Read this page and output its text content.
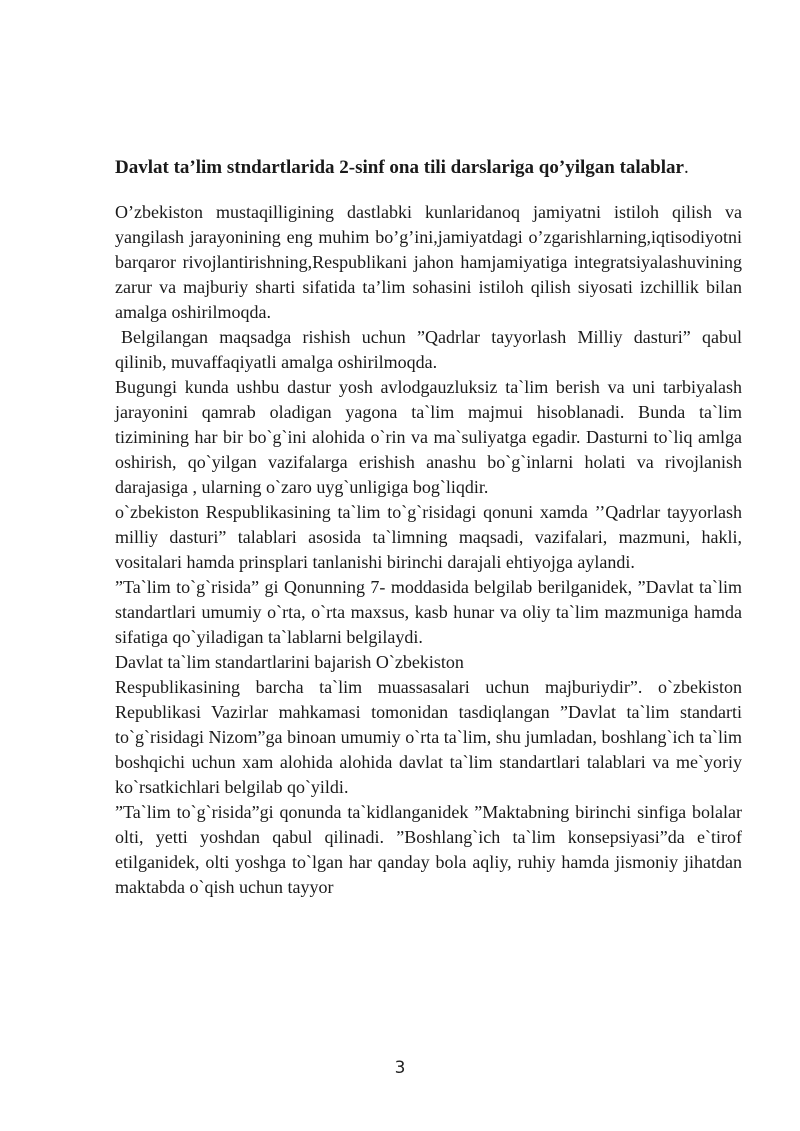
Davlat ta’lim stndartlarida 2-sinf ona tili darslariga qo’yilgan talablar.

O’zbekiston mustaqilligining dastlabki kunlaridanoq jamiyatni istiloh qilish va yangilash jarayonining eng muhim bo’g’ini,jamiyatdagi o’zgarishlarning,iqtisodiyotni barqaror rivojlantirishning,Respublikani jahon hamjamiyatiga integratsiyalashuvining zarur va majburiy sharti sifatida ta’lim sohasini istiloh qilish siyosati izchillik bilan amalga oshirilmoqda.

Belgilangan maqsadga rishish uchun ”Qadrlar tayyorlash Milliy dasturi” qabul qilinib, muvaffaqiyatli amalga oshirilmoqda.

Bugungi kunda ushbu dastur yosh avlodgauzluksiz ta`lim berish va uni tarbiyalash jarayonini qamrab oladigan yagona ta`lim majmui hisoblanadi. Bunda ta`lim tizimining har bir bo`g`ini alohida o`rin va ma`suliyatga egadir. Dasturni to`liq amlga oshirish, qo`yilgan vazifalarga erishish anashu bo`g`inlarni holati va rivojlanish darajasiga , ularning o`zaro uyg`unligiga bog`liqdir.

o`zbekiston Respublikasining ta`lim to`g`risidagi qonuni xamda ’’Qadrlar tayyorlash milliy dasturi” talablari asosida ta`limning maqsadi, vazifalari, mazmuni, hakli, vositalari hamda prinsplari tanlanishi birinchi darajali ehtiyojga aylandi.

”Ta`lim to`g`risida” gi Qonunning 7- moddasida belgilab berilganidek, ”Davlat ta`lim standartlari umumiy o`rta, o`rta maxsus, kasb hunar va oliy ta`lim mazmuniga hamda sifatiga qo`yiladigan ta`lablarni belgilaydi.

Davlat ta`lim standartlarini bajarish O`zbekiston

Respublikasining barcha ta`lim muassasalari uchun majburiydir”. o`zbekiston Republikasi Vazirlar mahkamasi tomonidan tasdiqlangan ”Davlat ta`lim standarti to`g`risidagi Nizom”ga binoan umumiy o`rta ta`lim, shu jumladan, boshlang`ich ta`lim boshqichi uchun xam alohida alohida davlat ta`lim standartlari talablari va me`yoriy ko`rsatkichlari belgilab qo`yildi.

”Ta`lim to`g`risida”gi qonunda ta`kidlanganidek ”Maktabning birinchi sinfiga bolalar olti, yetti yoshdan qabul qilinadi. ”Boshlang`ich ta`lim konsepsiyasi”da e`tirof etilganidek, olti yoshga to`lgan har qanday bola aqliy, ruhiy hamda jismoniy jihatdan maktabda o`qish uchun tayyor

3
